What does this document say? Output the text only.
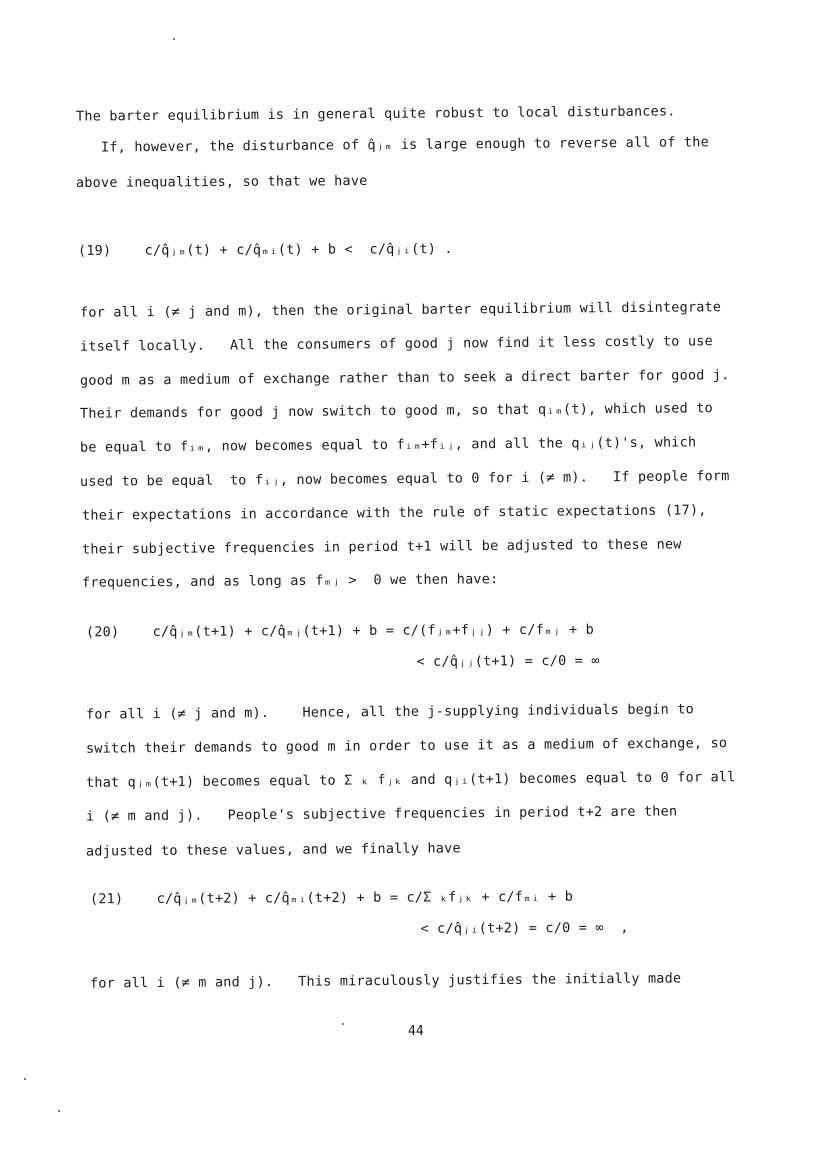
The barter equilibrium is in general quite robust to local disturbances.
If, however, the disturbance of q̂ⱼₘ is large enough to reverse all of the
above inequalities, so that we have
(19)    c/q̂ⱼₘ(t) + c/q̂ₘᵢ(t) + b <  c/q̂ⱼᵢ(t) .
for all i (≠ j and m), then the original barter equilibrium will disintegrate
itself locally.   All the consumers of good j now find it less costly to use
good m as a medium of exchange rather than to seek a direct barter for good j.
Their demands for good j now switch to good m, so that qᵢₘ(t), which used to
be equal to fᵢₘ, now becomes equal to fᵢₘ+fᵢⱼ, and all the qᵢⱼ(t)'s, which
used to be equal  to fᵢⱼ, now becomes equal to 0 for i (≠ m).   If people form
their expectations in accordance with the rule of static expectations (17),
their subjective frequencies in period t+1 will be adjusted to these new
frequencies, and as long as fₘⱼ >  0 we then have:
(20)    c/q̂ⱼₘ(t+1) + c/q̂ₘⱼ(t+1) + b = c/(fⱼₘ+fⱼⱼ) + c/fₘⱼ + b
< c/q̂ⱼⱼ(t+1) = c/0 = ∞
for all i (≠ j and m).    Hence, all the j-supplying individuals begin to
switch their demands to good m in order to use it as a medium of exchange, so
that qⱼₘ(t+1) becomes equal to Σ ₖ fⱼₖ and qⱼᵢ(t+1) becomes equal to 0 for all
i (≠ m and j).   People's subjective frequencies in period t+2 are then
adjusted to these values, and we finally have
(21)    c/q̂ⱼₘ(t+2) + c/q̂ₘᵢ(t+2) + b = c/Σ ₖfⱼₖ + c/fₘᵢ + b
< c/q̂ⱼᵢ(t+2) = c/0 = ∞  ,
for all i (≠ m and j).   This miraculously justifies the initially made
44
